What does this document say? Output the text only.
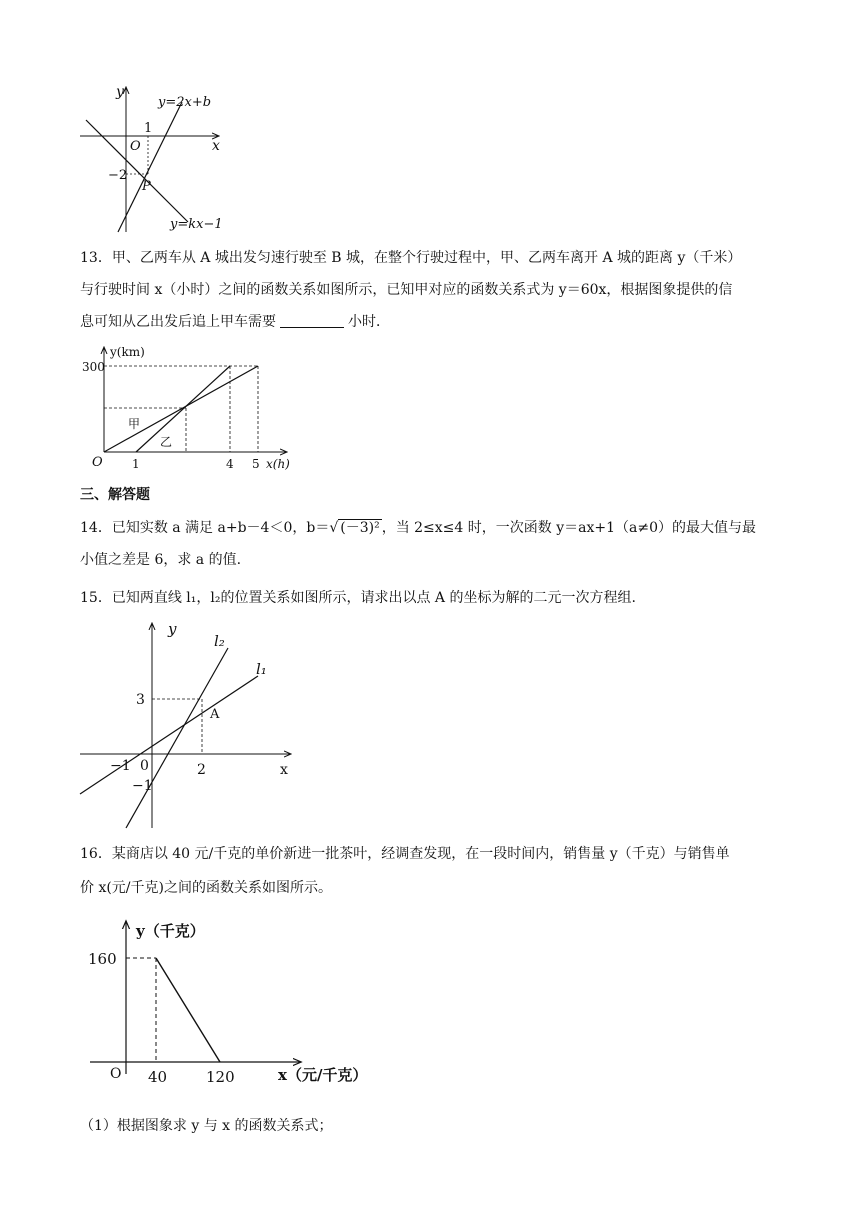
y
x
y=2x+b
y=kx−1
O
1
−2
P
13．甲、乙两车从 A 城出发匀速行驶至 B 城，在整个行驶过程中，甲、乙两车离开 A 城的距离 y（千米）
与行驶时间 x（小时）之间的函数关系如图所示，已知甲对应的函数关系式为 y＝60x，根据图象提供的信
息可知从乙出发后追上甲车需要	小时．
y(km)
x(h)
O
300
1	4 5
甲
乙
三、解答题
14．已知实数 a 满足 a+b－4＜0，b＝√ (－3)² ，当 2≤x≤4 时，一次函数 y＝ax+1（a≠0）的最大值与最
小值之差是 6，求 a 的值.
15．已知两直线 l₁，l₂的位置关系如图所示，请求出以点 A 的坐标为解的二元一次方程组.
y
x
l₁
l₂
0
3
2
−1
−1
A
16．某商店以 40 元/千克的单价新进一批茶叶，经调查发现，在一段时间内，销售量 y（千克）与销售单
价 x(元/千克)之间的函数关系如图所示。
y（千克）
x（元/千克）
O
160
40	120
（1）根据图象求 y 与 x 的函数关系式；
